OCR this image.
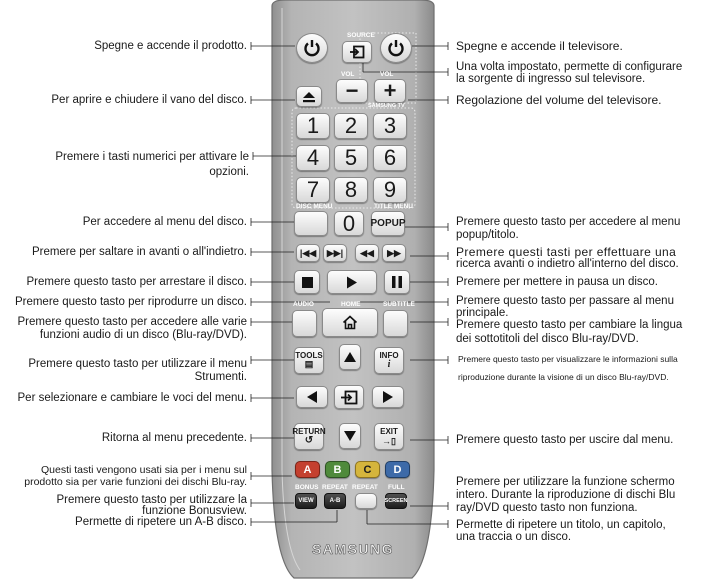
SOURCE
VOL	VOL
−	+
SAMSUNG TV
1	2	3
4	5	6
7	8	9
DISC MENU	TITLE MENU
0	POPUP
|◀◀ ▶▶| ◀◀ ▶▶
AUDIO	HOME	SUBTITLE
TOOLS
▤
INFO
i
RETURN
↺
EXIT
→▯
A	B	C	D
BONUS REPEAT REPEAT FULL
VIEW	A-B	SCREEN
SAMSUNG
Spegne e accende il prodotto.
Per aprire e chiudere il vano del disco.
Premere i tasti numerici per attivare le
opzioni.
Per accedere al menu del disco.
Premere per saltare in avanti o all'indietro.
Premere questo tasto per arrestare il disco.
Premere questo tasto per riprodurre un disco.
Premere questo tasto per accedere alle varie
funzioni audio di un disco (Blu-ray/DVD).
Premere questo tasto per utilizzare il menu
Strumenti.
Per selezionare e cambiare le voci del menu.
Ritorna al menu precedente.
Questi tasti vengono usati sia per i menu sul
prodotto sia per varie funzioni dei dischi Blu-ray.
Premere questo tasto per utilizzare la
funzione Bonusview.
Permette di ripetere un A-B disco.
Spegne e accende il televisore.
Una volta impostato, permette di configurare
la sorgente di ingresso sul televisore.
Regolazione del volume del televisore.
Premere questo tasto per accedere al menu
popup/titolo.
Premere questi tasti per effettuare una
ricerca avanti o indietro all'interno del disco.
Premere per mettere in pausa un disco.
Premere questo tasto per passare al menu
principale.
Premere questo tasto per cambiare la lingua
dei sottotitoli del disco Blu-ray/DVD.
Premere questo tasto per visualizzare le informazioni sulla
riproduzione durante la visione di un disco Blu-ray/DVD.
Premere questo tasto per uscire dal menu.
Premere per utilizzare la funzione schermo
intero. Durante la riproduzione di dischi Blu
ray/DVD questo tasto non funziona.
Permette di ripetere un titolo, un capitolo,
una traccia o un disco.
